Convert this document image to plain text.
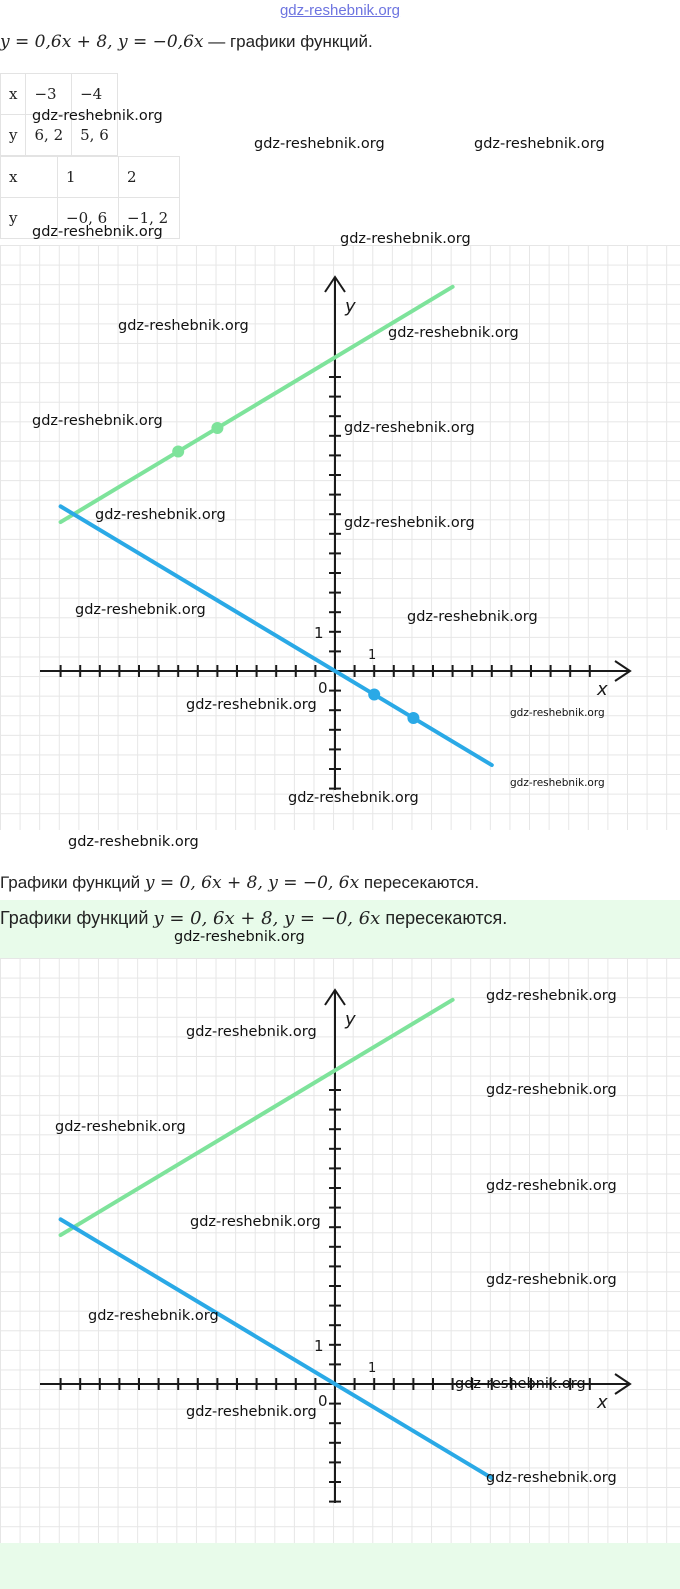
gdz-reshebnik.org
y = 0,6x + 8, y = −0,6x — графики функций.
x	−3	−4
y	6, 2	5, 6
x	1	2
y	−0, 6	−1, 2
x
y
0
1
1
Графики функций y = 0, 6x + 8, y = −0, 6x пересекаются.
Графики функций y = 0, 6x + 8, y = −0, 6x пересекаются.
x
y
0
1
1
gdz-reshebnik.org
gdz-reshebnik.org	gdz-reshebnik.org
gdz-reshebnik.org	gdz-reshebnik.org
gdz-reshebnik.org	gdz-reshebnik.org
gdz-reshebnik.org	gdz-reshebnik.org
gdz-reshebnik.org	gdz-reshebnik.org
gdz-reshebnik.org	gdz-reshebnik.org
gdz-reshebnik.org	gdz-reshebnik.org
gdz-reshebnik.org
gdz-reshebnik.org
gdz-reshebnik.org
gdz-reshebnik.org
gdz-reshebnik.org
gdz-reshebnik.org
gdz-reshebnik.org
gdz-reshebnik.org
gdz-reshebnik.org
gdz-reshebnik.org
gdz-reshebnik.org
gdz-reshebnik.org
gdz-reshebnik.org
gdz-reshebnik.org
gdz-reshebnik.org
